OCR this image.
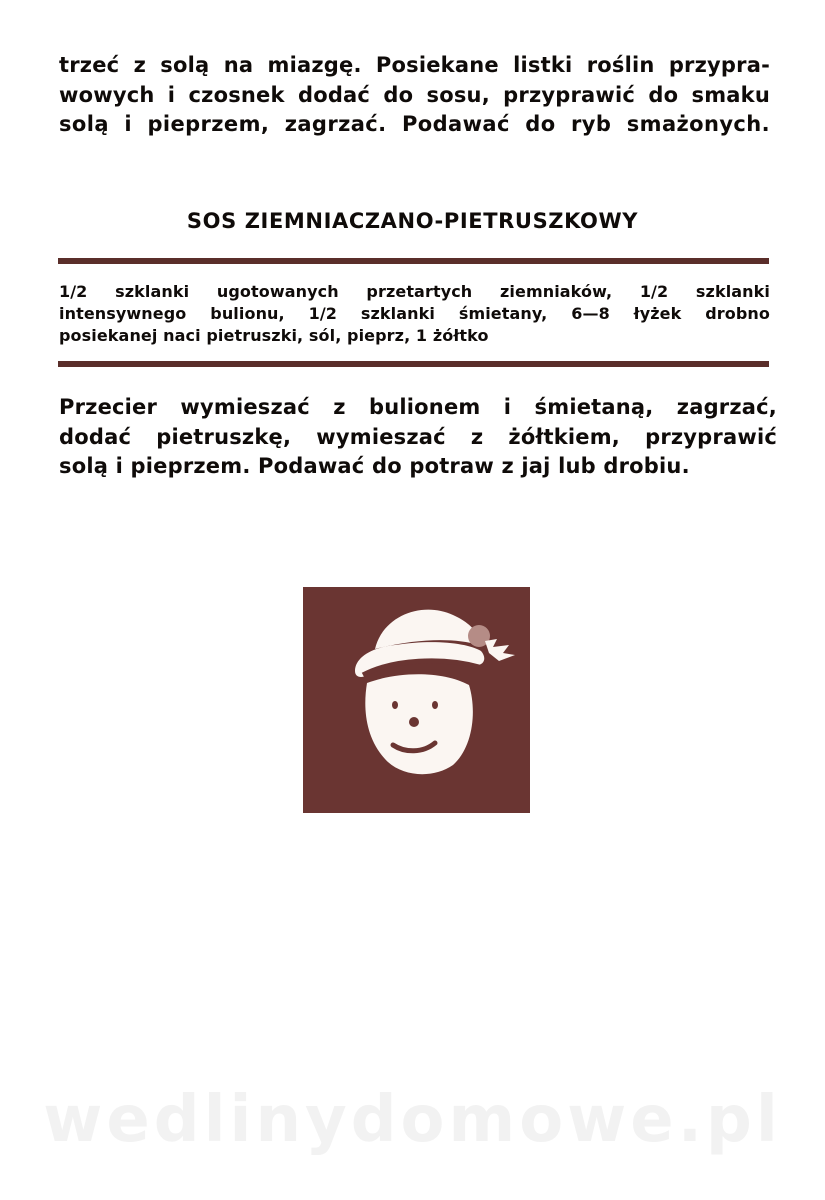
trzeć z solą na miazgę. Posiekane listki roślin przypra-
wowych i czosnek dodać do sosu, przyprawić do smaku
solą i pieprzem, zagrzać. Podawać do ryb smażonych.
SOS ZIEMNIACZANO-PIETRUSZKOWY
1/2 szklanki ugotowanych przetartych ziemniaków, 1/2 szklanki
intensywnego bulionu, 1/2 szklanki śmietany, 6—8 łyżek drobno
posiekanej naci pietruszki, sól, pieprz, 1 żółtko
Przecier wymieszać z bulionem i śmietaną, zagrzać,
dodać pietruszkę, wymieszać z żółtkiem, przyprawić
solą i pieprzem. Podawać do potraw z jaj lub drobiu.
wedlinydomowe.pl
